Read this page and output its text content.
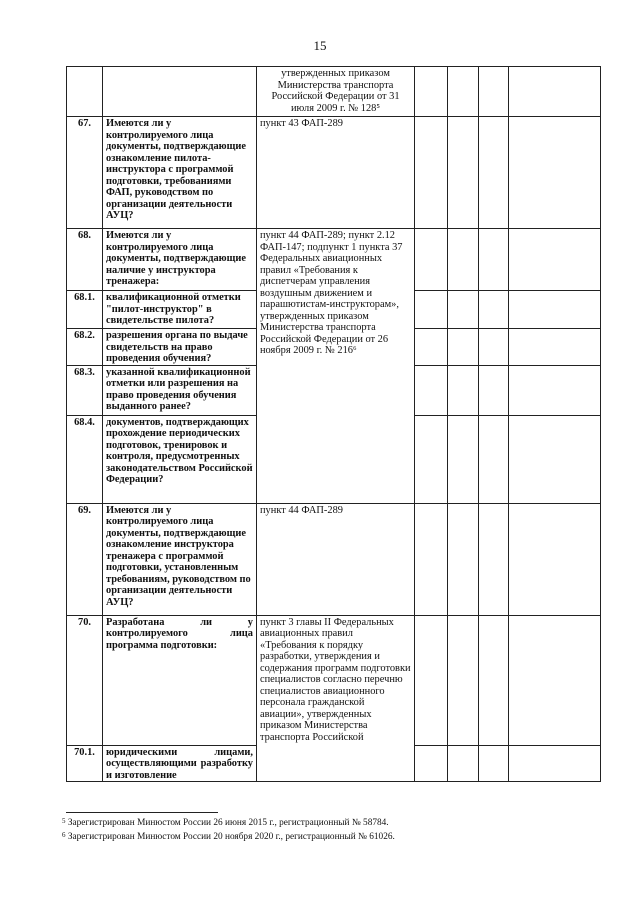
15
		утвержденных приказом Министерства транспорта Российской Федерации от 31 июля 2009 г. № 128⁵				
67.	Имеются ли у контролируемого лица документы, подтверждающие ознакомление пилота-инструктора с программой подготовки, требованиями ФАП, руководством по организации деятельности АУЦ?	пункт 43 ФАП-289				
68.	Имеются ли у контролируемого лица документы, подтверждающие наличие у инструктора тренажера:	пункт 44 ФАП-289; пункт 2.12 ФАП-147; подпункт 1 пункта 37 Федеральных авиационных правил «Требования к диспетчерам управления воздушным движением и парашютистам-инструкторам», утвержденных приказом Министерства транспорта Российской Федерации от 26 ноября 2009 г. № 216⁶				
68.1.	квалификационной отметки "пилот-инструктор" в свидетельстве пилота?					
68.2.	разрешения органа по выдаче свидетельств на право проведения обучения?					
68.3.	указанной квалификационной отметки или разрешения на право проведения обучения выданного ранее?					
68.4.	документов, подтверждающих прохождение периодических подготовок, тренировок и контроля, предусмотренных законодательством Российской Федерации?					
69.	Имеются ли у контролируемого лица документы, подтверждающие ознакомление инструктора тренажера с программой подготовки, установленным требованиям, руководством по организации деятельности АУЦ?	пункт 44 ФАП-289				
70.	Разработана ли у контролируемого лица программа подготовки:	пункт 3 главы II Федеральных авиационных правил «Требования к порядку разработки, утверждения и содержания программ подготовки специалистов согласно перечню специалистов авиационного персонала гражданской авиации», утвержденных приказом Министерства транспорта Российской				
70.1.	юридическими лицами, осуществляющими разработку и изготовление					
$^5$ Зарегистрирован Минюстом России 26 июня 2015 г., регистрационный № 58784.
$^6$ Зарегистрирован Минюстом России 20 ноября 2020 г., регистрационный № 61026.
